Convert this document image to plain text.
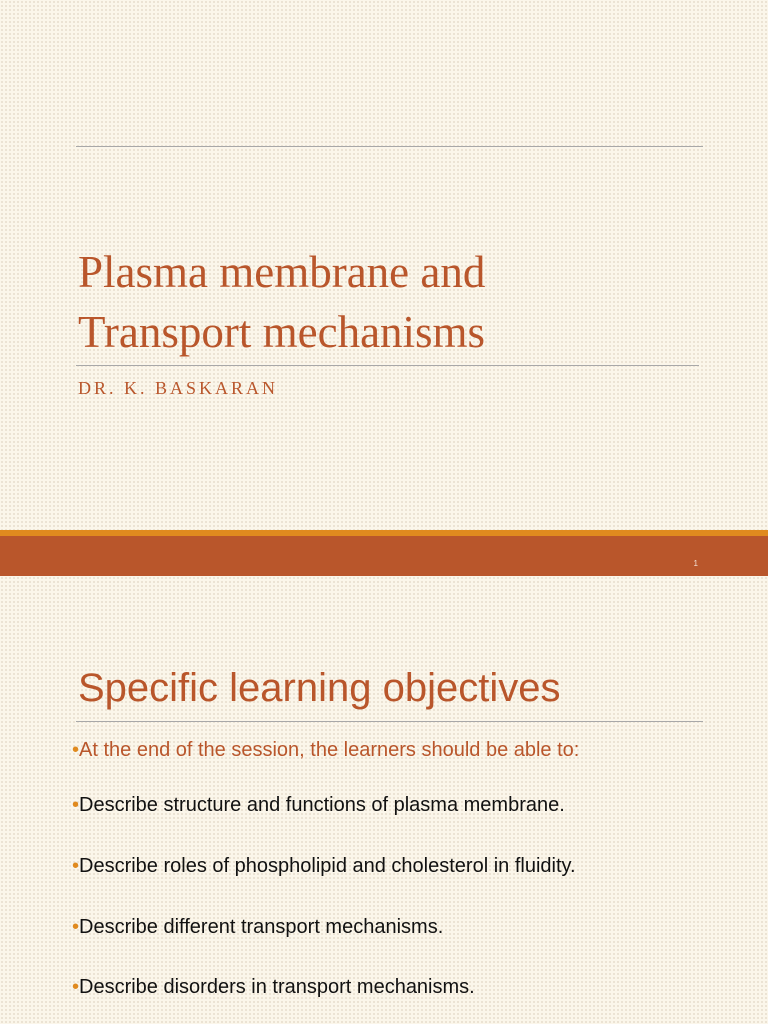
Plasma membrane and
Transport mechanisms
DR. K. BASKARAN
1
Specific learning objectives
•At the end of the session, the learners should be able to:
•Describe structure and functions of plasma membrane.
•Describe roles of phospholipid and cholesterol in fluidity.
•Describe different transport mechanisms.
•Describe disorders in transport mechanisms.
